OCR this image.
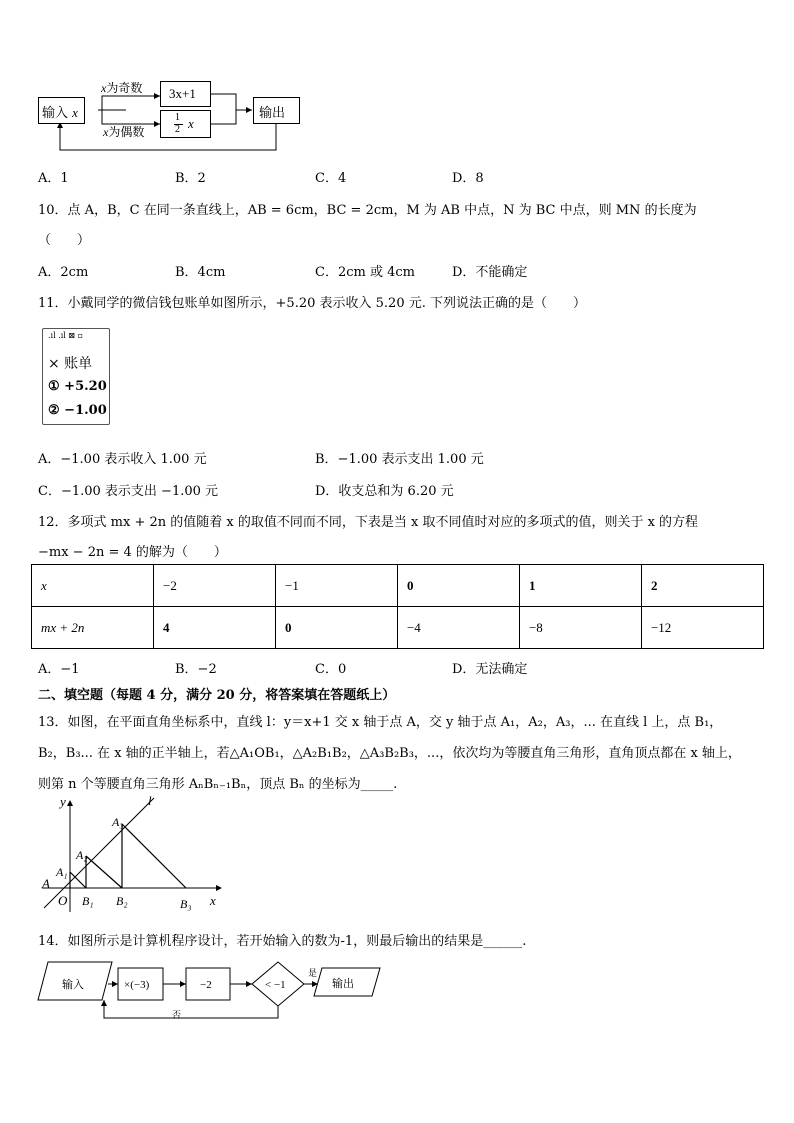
输入 x
x为奇数
x为偶数
3x+1
1
2 x
输出
A．1	B．2	C．4	D．8
10．点 A，B，C 在同一条直线上，AB = 6cm，BC = 2cm，M 为 AB 中点，N 为 BC 中点，则 MN 的长度为
（　　）
A．2cm	B．4cm	C．2cm 或 4cm	D．不能确定
11．小戴同学的微信钱包账单如图所示，+5.20 表示收入 5.20 元. 下列说法正确的是（　　）
᠋.ıl ᠋.ıl ⊠ ▫
× 账单
① +5.20
② −1.00
A．−1.00 表示收入 1.00 元	B．−1.00 表示支出 1.00 元
C．−1.00 表示支出 −1.00 元	D．收支总和为 6.20 元
12．多项式 mx + 2n 的值随着 x 的取值不同而不同，下表是当 x 取不同值时对应的多项式的值，则关于 x 的方程
−mx − 2n = 4 的解为（　　）
x	−2	−1	0	1	2
mx + 2n	4	0	−4	−8	−12
A．−1	B．−2	C．0	D．无法确定
二、填空题（每题 4 分，满分 20 分，将答案填在答题纸上）
13．如图，在平面直角坐标系中，直线 l：y＝x+1 交 x 轴于点 A，交 y 轴于点 A₁，A₂，A₃，... 在直线 l 上，点 B₁，
B₂，B₃... 在 x 轴的正半轴上，若△A₁OB₁，△A₂B₁B₂，△A₃B₂B₃，...，依次均为等腰直角三角形，直角顶点都在 x 轴上，
则第 n 个等腰直角三角形 AₙBₙ₋₁Bₙ，顶点 Bₙ 的坐标为_____.
y	l
x
O
A
A₁
A₂
A₃
B₁ B₂	B₃
14．如图所示是计算机程序设计，若开始输入的数为-1，则最后输出的结果是______.
输入	×(−3)	−2	< −1
是
否
输出
